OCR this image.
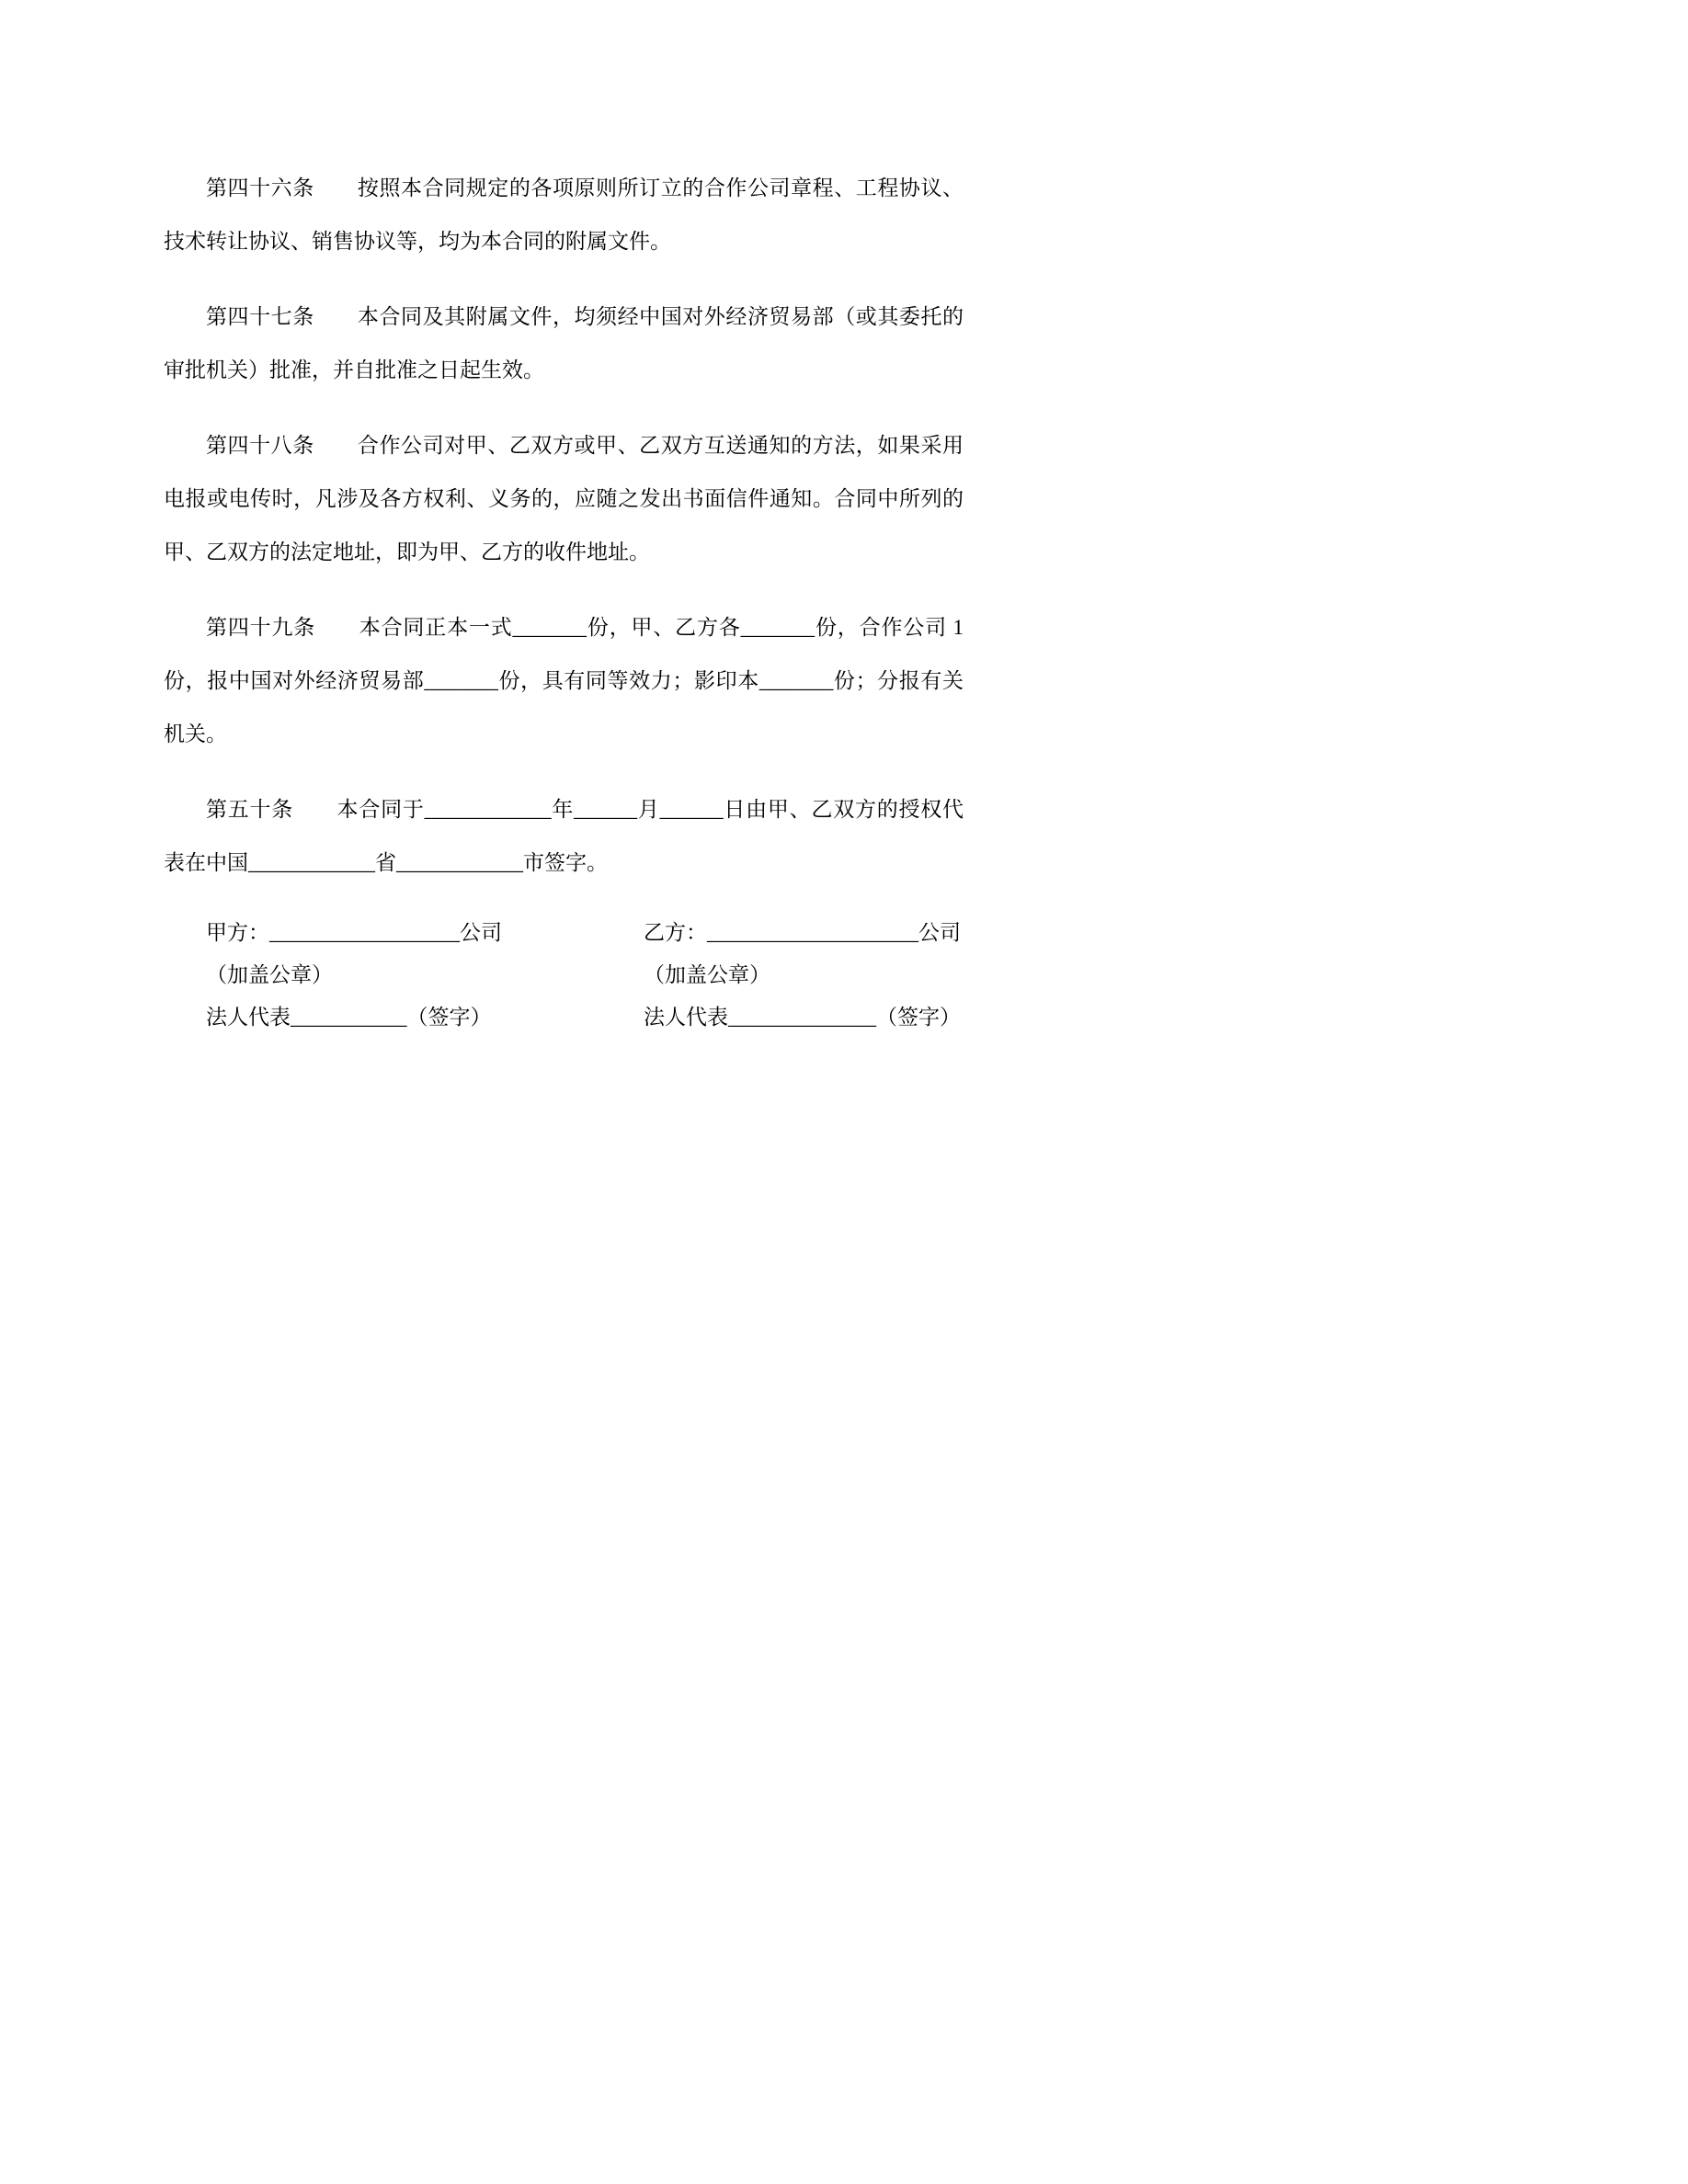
第四十六条　　按照本合同规定的各项原则所订立的合作公司章程、工程协议、技术转让协议、销售协议等，均为本合同的附属文件。

第四十七条　　本合同及其附属文件，均须经中国对外经济贸易部（或其委托的审批机关）批准，并自批准之日起生效。

第四十八条　　合作公司对甲、乙双方或甲、乙双方互送通知的方法，如果采用电报或电传时，凡涉及各方权利、义务的，应随之发出书面信件通知。合同中所列的甲、乙双方的法定地址，即为甲、乙方的收件地址。

第四十九条　　本合同正本一式_______份，甲、乙方各_______份，合作公司 1 份，报中国对外经济贸易部_______份，具有同等效力；影印本_______份；分报有关机关。

第五十条　　本合同于____________年______月______日由甲、乙双方的授权代表在中国____________省____________市签字。

甲方：__________________公司
（加盖公章）
法人代表___________（签字）
乙方：____________________公司
（加盖公章）
法人代表______________（签字）
